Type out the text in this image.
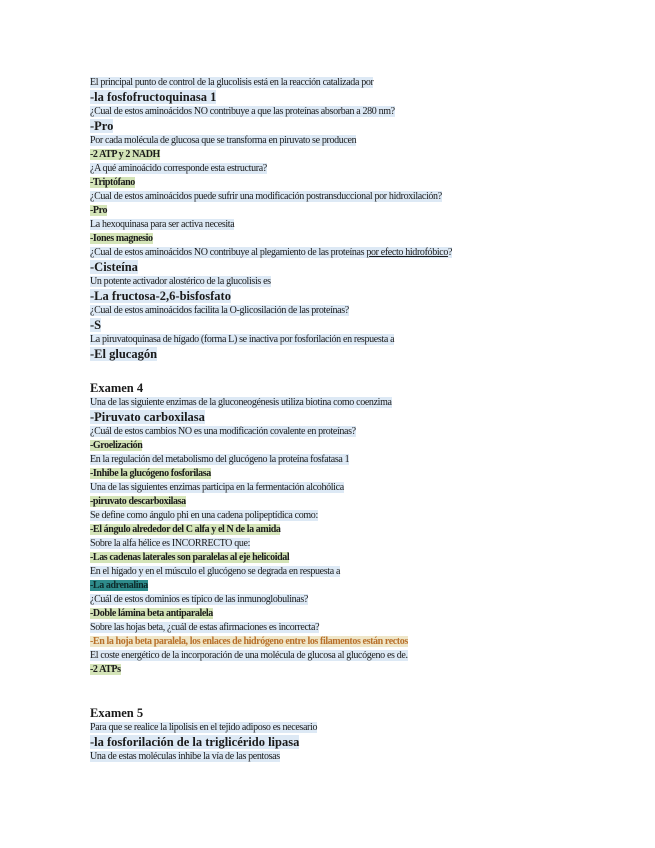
El principal punto de control de la glucolisis está en la reacción catalizada por
-la fosfofructoquinasa 1
¿Cual de estos aminoácidos NO contribuye a que las proteínas absorban a 280 nm?
-Pro
Por cada molécula de glucosa que se transforma en piruvato se producen
-2 ATP y 2 NADH
¿A qué aminoácido corresponde esta estructura?
-Triptófano
¿Cual de estos aminoácidos puede sufrir una modificación postransduccional por hidroxilación?
-Pro
La hexoquinasa para ser activa necesita
-Iones magnesio
¿Cual de estos aminoácidos NO contribuye al plegamiento de las proteínas por efecto hidrofóbico?
-Cisteína
Un potente activador alostérico de la glucolisis es
-La fructosa-2,6-bisfosfato
¿Cual de estos aminoácidos facilita la O-glicosilación de las proteínas?
-S
La piruvatoquinasa de hígado (forma L) se inactiva por fosforilación en respuesta a
-El glucagón
Examen 4
Una de las siguiente enzimas de la gluconeogénesis utiliza biotina como coenzima
-Piruvato carboxilasa
¿Cuál de estos cambios NO es una modificación covalente en proteínas?
-Groelización
En la regulación del metabolismo del glucógeno la proteína fosfatasa 1
-Inhibe la glucógeno fosforilasa
Una de las siguientes enzimas participa en la fermentación alcohólica
-piruvato descarboxilasa
Se define como ángulo phi en una cadena polipeptídica como:
-El ángulo alrededor del C alfa y el N de la amida
Sobre la alfa hélice es INCORRECTO que:
-Las cadenas laterales son paralelas al eje helicoidal
En el hígado y en el músculo el glucógeno se degrada en respuesta a
-La adrenalina
¿Cuál de estos dominios es típico de las inmunoglobulinas?
-Doble lámina beta antiparalela
Sobre las hojas beta, ¿cuál de estas afirmaciones es incorrecta?
-En la hoja beta paralela, los enlaces de hidrógeno entre los filamentos están rectos
El coste energético de la incorporación de una molécula de glucosa al glucógeno es de.
-2 ATPs
Examen 5
Para que se realice la lipolisis en el tejido adiposo es necesario
-la fosforilación de la triglicérido lipasa
Una de estas moléculas inhibe la vía de las pentosas
